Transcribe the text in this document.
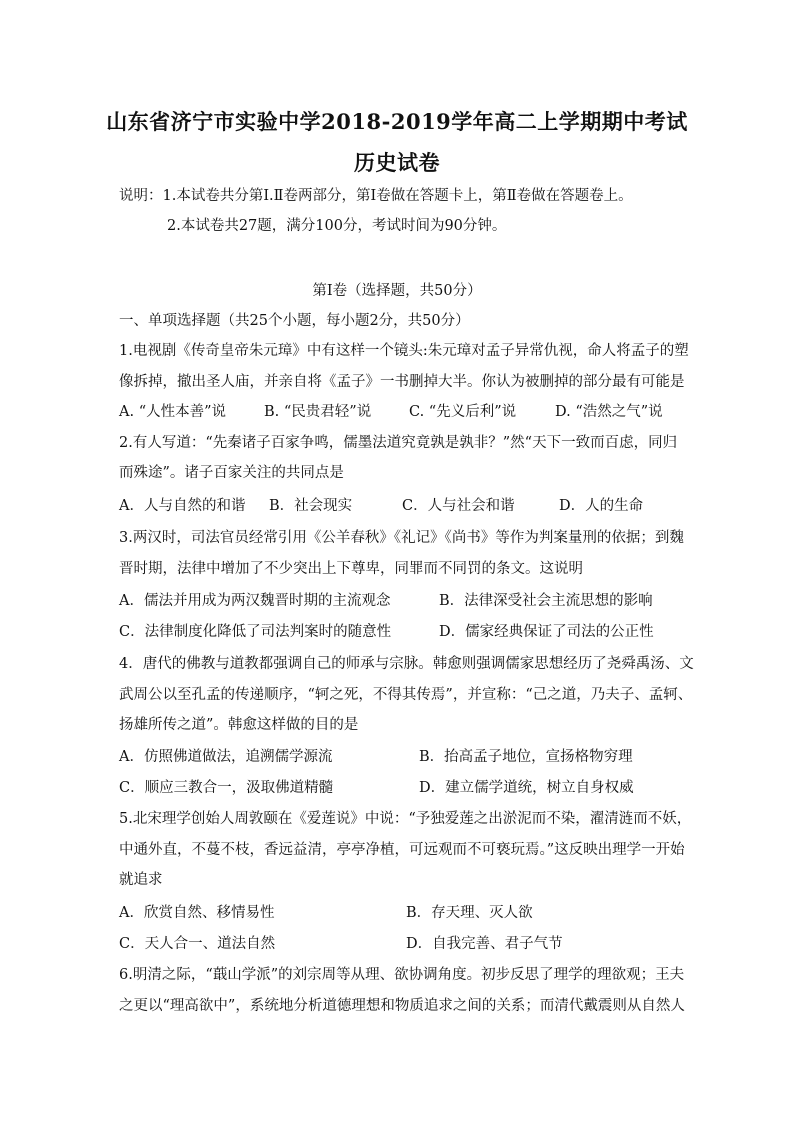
山东省济宁市实验中学2018-2019学年高二上学期期中考试
历史试卷
说明：1.本试卷共分第Ⅰ.Ⅱ卷两部分，第Ⅰ卷做在答题卡上，第Ⅱ卷做在答题卷上。
2.本试卷共27题，满分100分，考试时间为90分钟。
第Ⅰ卷（选择题，共50分）
一、单项选择题（共25个小题，每小题2分，共50分）
1.电视剧《传奇皇帝朱元璋》中有这样一个镜头:朱元璋对孟子异常仇视，命人将孟子的塑
像拆掉，撤出圣人庙，并亲自将《孟子》一书删掉大半。你认为被删掉的部分最有可能是
A. “人性本善”说	B. “民贵君轻”说	C. “先义后利”说	D. “浩然之气”说
2.有人写道：“先秦诸子百家争鸣，儒墨法道究竟孰是孰非？”然“天下一致而百虑，同归
而殊途”。诸子百家关注的共同点是
A．人与自然的和谐 B．社会现实	C．人与社会和谐	D．人的生命
3.两汉时，司法官员经常引用《公羊春秋》《礼记》《尚书》等作为判案量刑的依据；到魏
晋时期，法律中增加了不少突出上下尊卑，同罪而不同罚的条文。这说明
A．儒法并用成为两汉魏晋时期的主流观念	B．法律深受社会主流思想的影响
C．法律制度化降低了司法判案时的随意性	D．儒家经典保证了司法的公正性
4．唐代的佛教与道教都强调自己的师承与宗脉。韩愈则强调儒家思想经历了尧舜禹汤、文
武周公以至孔孟的传递顺序，“轲之死，不得其传焉”，并宣称：“己之道，乃夫子、孟轲、
扬雄所传之道”。韩愈这样做的目的是
A．仿照佛道做法，追溯儒学源流	B．抬高孟子地位，宣扬格物穷理
C．顺应三教合一，汲取佛道精髓	D．建立儒学道统，树立自身权威
5.北宋理学创始人周敦颐在《爱莲说》中说：“予独爱莲之出淤泥而不染，濯清涟而不妖，
中通外直，不蔓不枝，香远益清，亭亭净植，可远观而不可亵玩焉。”这反映出理学一开始
就追求
A．欣赏自然、移情易性	B．存天理、灭人欲
C．天人合一、道法自然	D．自我完善、君子气节
6.明清之际，“蕺山学派”的刘宗周等从理、欲协调角度。初步反思了理学的理欲观；王夫
之更以“理高欲中”，系统地分析道德理想和物质追求之间的关系；而清代戴震则从自然人
